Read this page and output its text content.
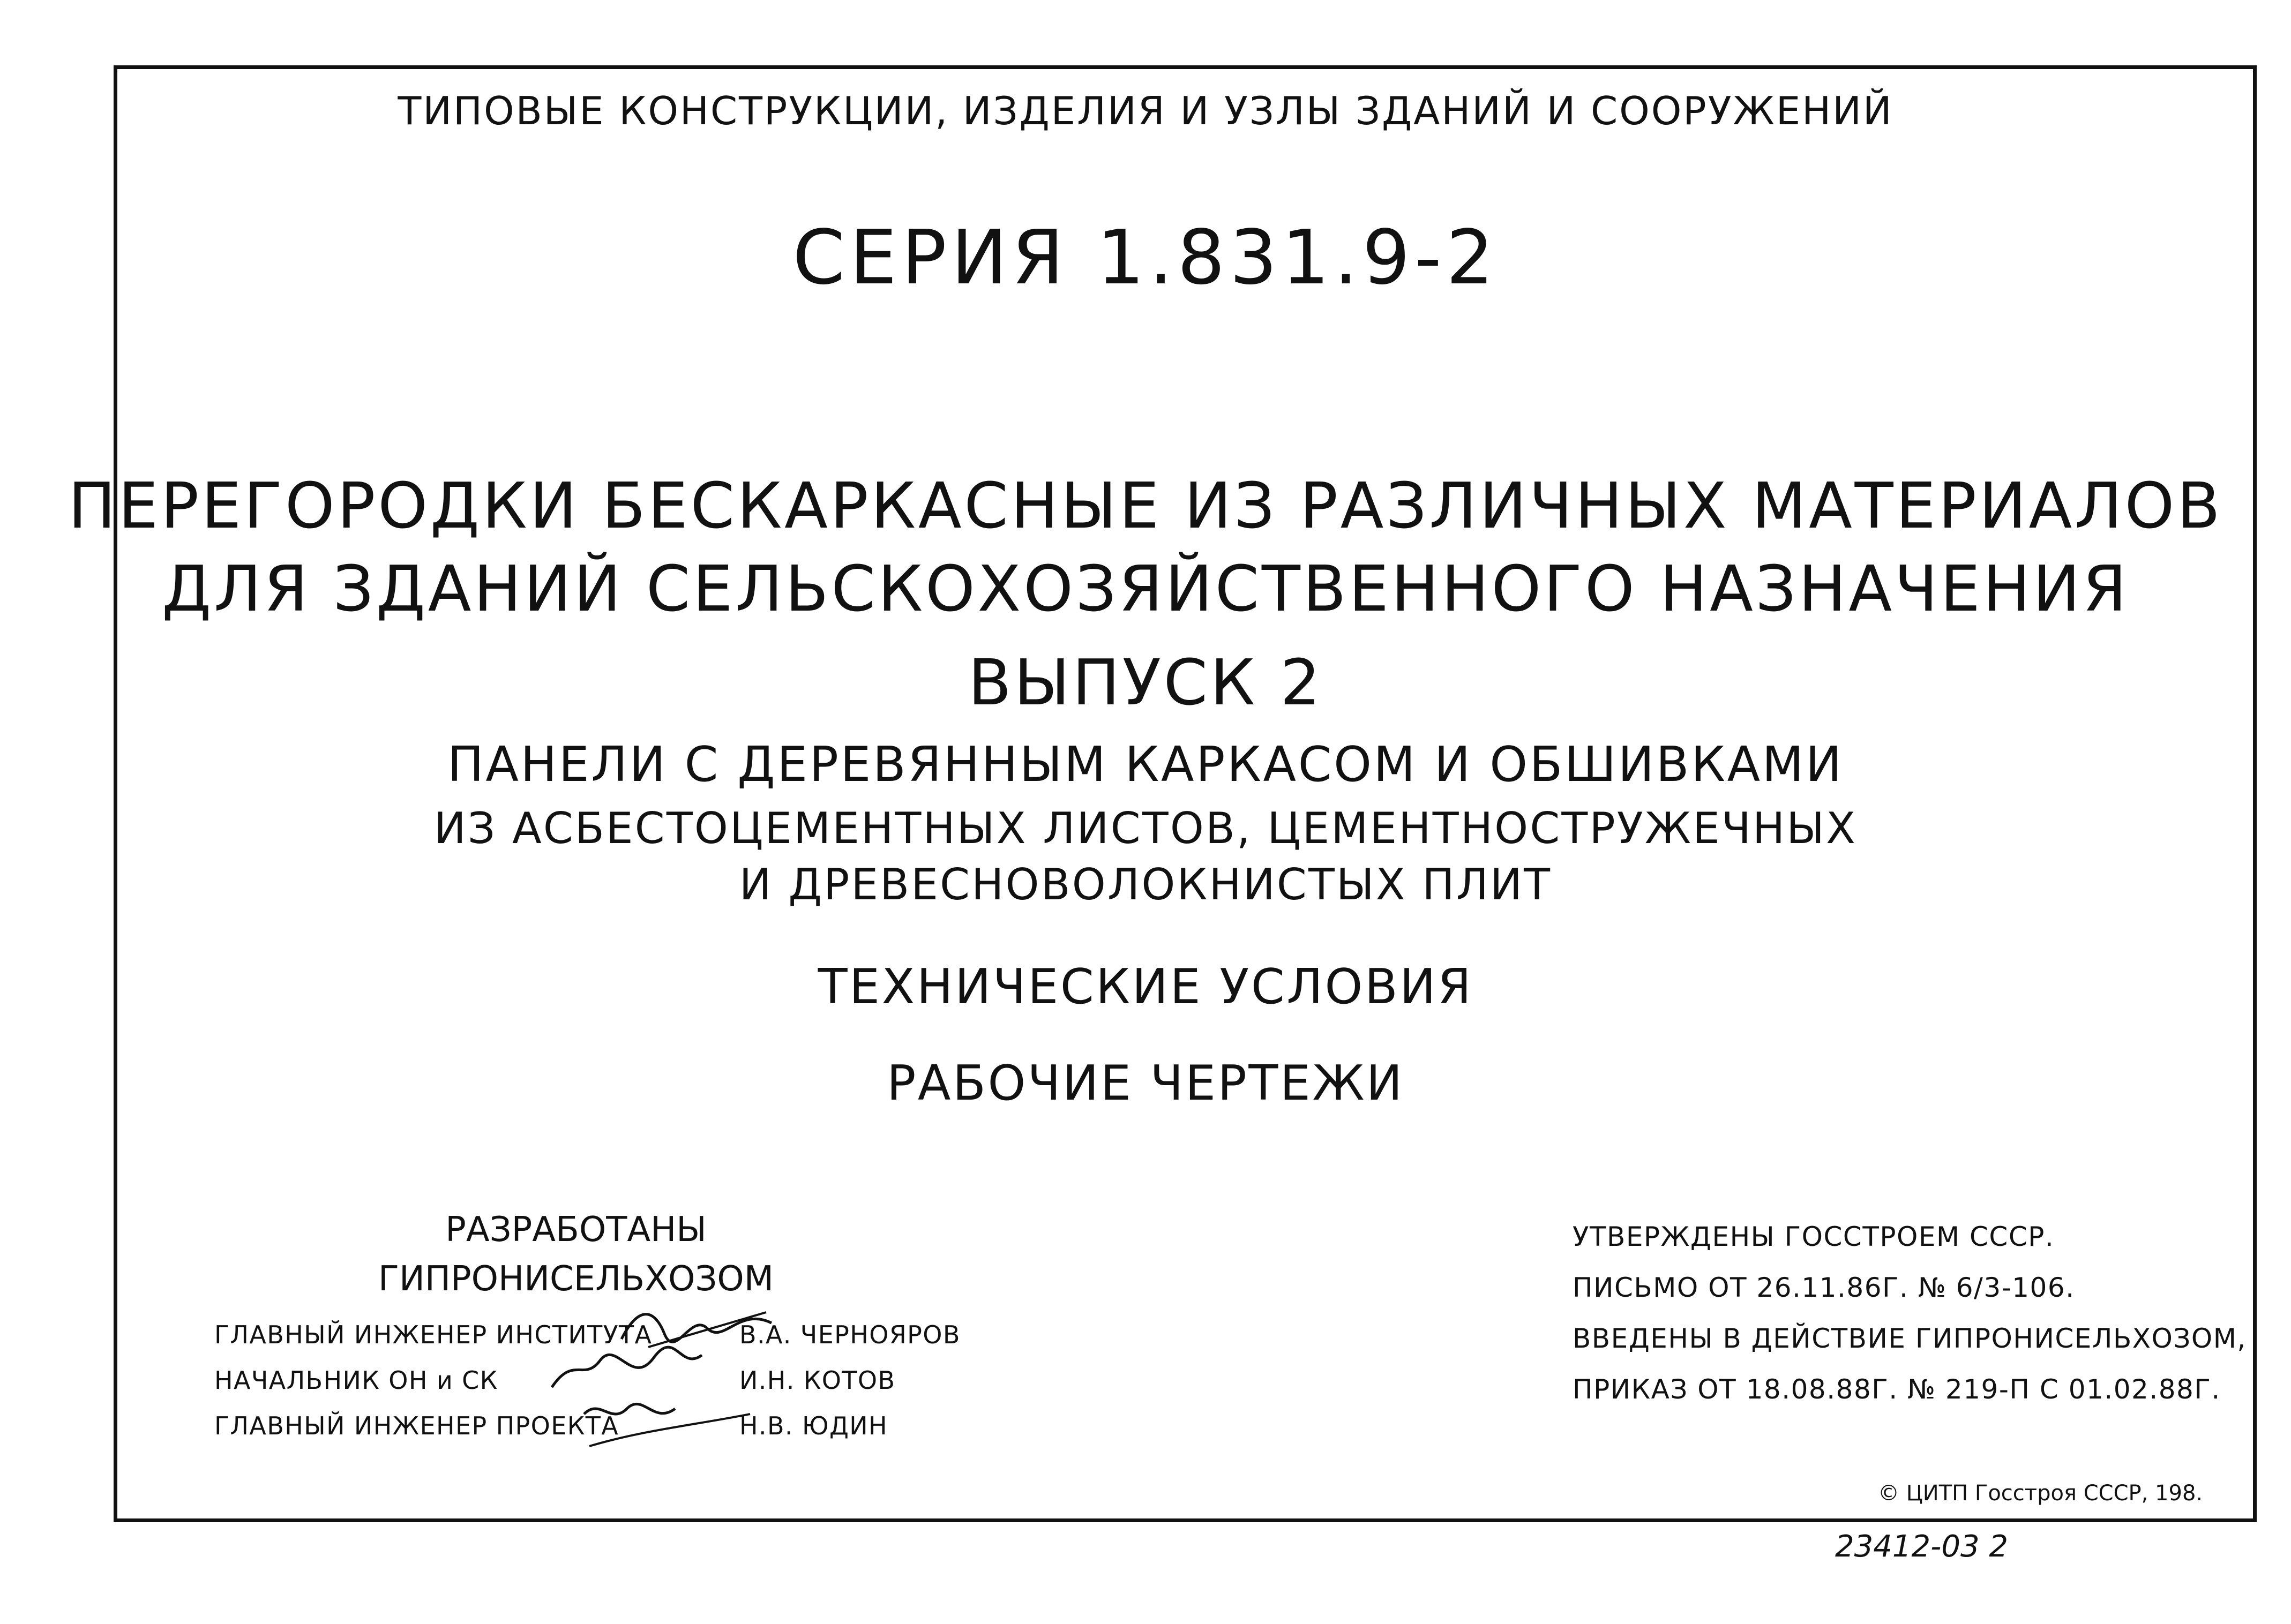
ТИПОВЫЕ КОНСТРУКЦИИ, ИЗДЕЛИЯ И УЗЛЫ ЗДАНИЙ И СООРУЖЕНИЙ
СЕРИЯ 1.831.9-2
ПЕРЕГОРОДКИ БЕСКАРКАСНЫЕ ИЗ РАЗЛИЧНЫХ МАТЕРИАЛОВ
ДЛЯ ЗДАНИЙ СЕЛЬСКОХОЗЯЙСТВЕННОГО НАЗНАЧЕНИЯ
ВЫПУСК 2
ПАНЕЛИ С ДЕРЕВЯННЫМ КАРКАСОМ И ОБШИВКАМИ
ИЗ АСБЕСТОЦЕМЕНТНЫХ ЛИСТОВ, ЦЕМЕНТНОСТРУЖЕЧНЫХ
И ДРЕВЕСНОВОЛОКНИСТЫХ ПЛИТ
ТЕХНИЧЕСКИЕ УСЛОВИЯ
РАБОЧИЕ ЧЕРТЕЖИ
РАЗРАБОТАНЫ
ГИПРОНИСЕЛЬХОЗОМ
ГЛАВНЫЙ ИНЖЕНЕР ИНСТИТУТА	В.А. ЧЕРНОЯРОВ
НАЧАЛЬНИК ОН и СК	И.Н. КОТОВ
ГЛАВНЫЙ ИНЖЕНЕР ПРОЕКТА	Н.В. ЮДИН
УТВЕРЖДЕНЫ ГОССТРОЕМ СССР.
ПИСЬМО ОТ 26.11.86Г. № 6/3-106.
ВВЕДЕНЫ В ДЕЙСТВИЕ ГИПРОНИСЕЛЬХОЗОМ,
ПРИКАЗ ОТ 18.08.88Г. № 219-П С 01.02.88Г.
© ЦИТП Госстроя СССР, 198.
23412-03 2
